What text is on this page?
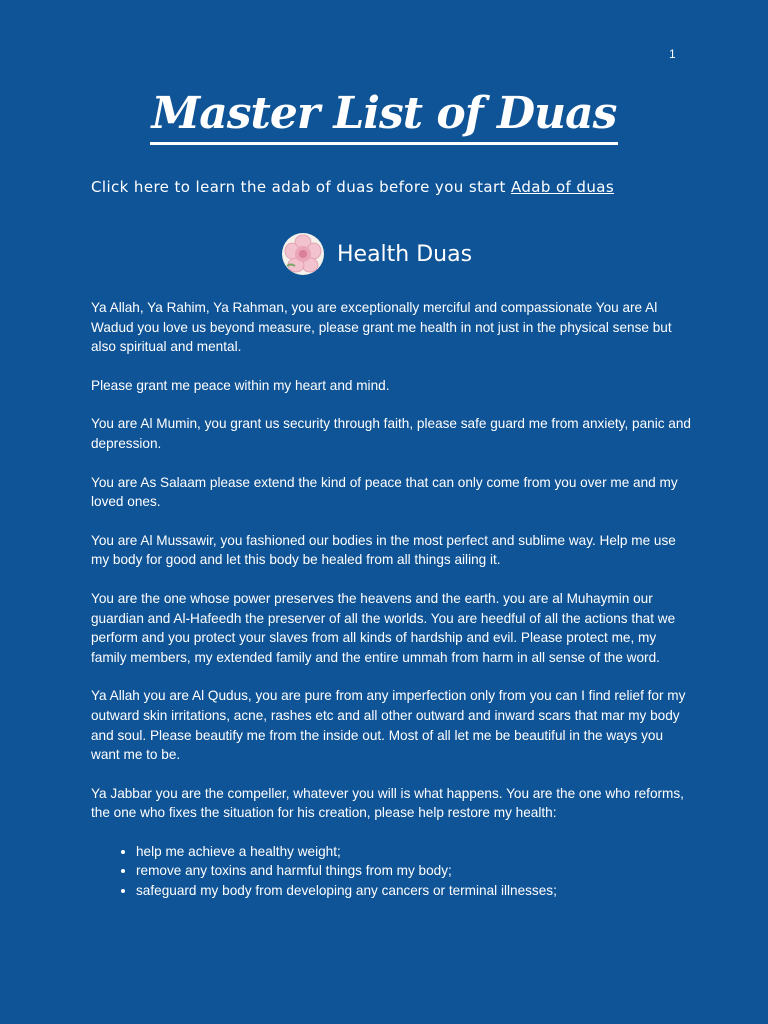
1
Master List of Duas
Click here to learn the adab of duas before you start Adab of duas
Health Duas

Ya Allah, Ya Rahim, Ya Rahman, you are exceptionally merciful and compassionate You are Al Wadud you love us beyond measure, please grant me health in not just in the physical sense but also spiritual and mental.

Please grant me peace within my heart and mind.

You are Al Mumin, you grant us security through faith, please safe guard me from anxiety, panic and depression.

You are As Salaam please extend the kind of peace that can only come from you over me and my loved ones.

You are Al Mussawir, you fashioned our bodies in the most perfect and sublime way. Help me use my body for good and let this body be healed from all things ailing it.

You are the one whose power preserves the heavens and the earth. you are al Muhaymin our guardian and Al-Hafeedh the preserver of all the worlds. You are heedful of all the actions that we perform and you protect your slaves from all kinds of hardship and evil. Please protect me, my family members, my extended family and the entire ummah from harm in all sense of the word.

Ya Allah you are Al Qudus, you are pure from any imperfection only from you can I find relief for my outward skin irritations, acne, rashes etc and all other outward and inward scars that mar my body and soul. Please beautify me from the inside out. Most of all let me be beautiful in the ways you want me to be.

Ya Jabbar you are the compeller, whatever you will is what happens. You are the one who reforms, the one who fixes the situation for his creation, please help restore my health:

• help me achieve a healthy weight;
• remove any toxins and harmful things from my body;
• safeguard my body from developing any cancers or terminal illnesses;
